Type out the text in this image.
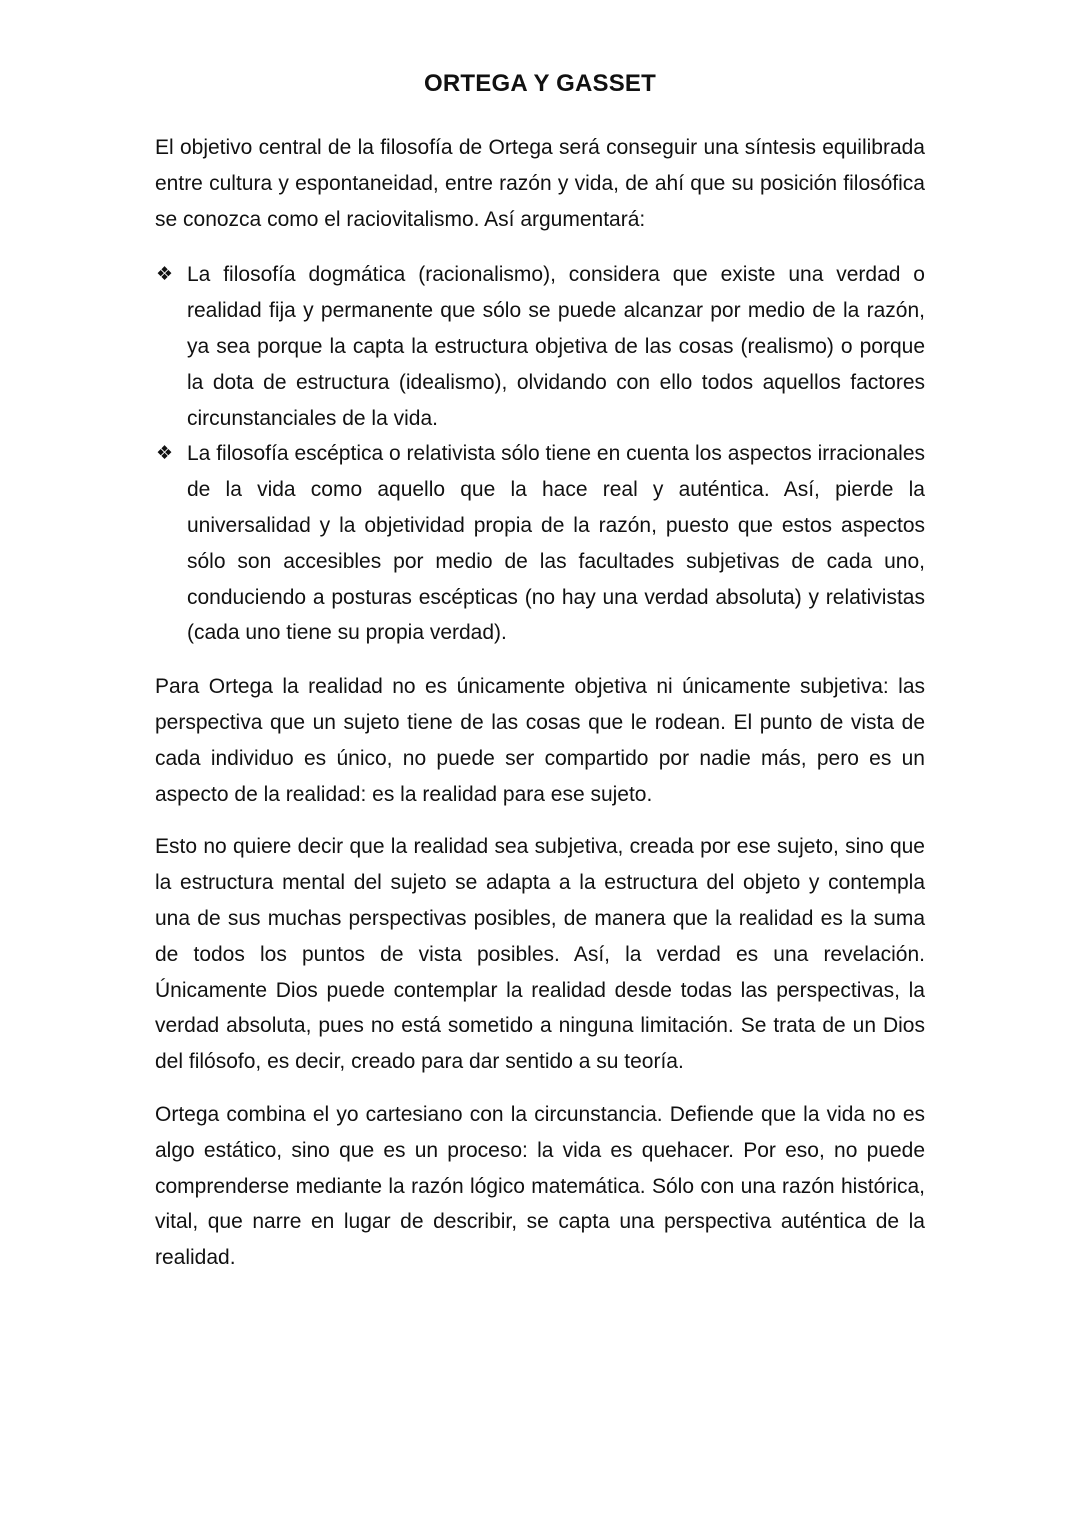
ORTEGA Y GASSET

El objetivo central de la filosofía de Ortega será conseguir una síntesis equilibrada entre cultura y espontaneidad, entre razón y vida, de ahí que su posición filosófica se conozca como el raciovitalismo. Así argumentará:

❖ La filosofía dogmática (racionalismo), considera que existe una verdad o realidad fija y permanente que sólo se puede alcanzar por medio de la razón, ya sea porque la capta la estructura objetiva de las cosas (realismo) o porque la dota de estructura (idealismo), olvidando con ello todos aquellos factores circunstanciales de la vida.
❖ La filosofía escéptica o relativista sólo tiene en cuenta los aspectos irracionales de la vida como aquello que la hace real y auténtica. Así, pierde la universalidad y la objetividad propia de la razón, puesto que estos aspectos sólo son accesibles por medio de las facultades subjetivas de cada uno, conduciendo a posturas escépticas (no hay una verdad absoluta) y relativistas (cada uno tiene su propia verdad).

Para Ortega la realidad no es únicamente objetiva ni únicamente subjetiva: las perspectiva que un sujeto tiene de las cosas que le rodean. El punto de vista de cada individuo es único, no puede ser compartido por nadie más, pero es un aspecto de la realidad: es la realidad para ese sujeto.

Esto no quiere decir que la realidad sea subjetiva, creada por ese sujeto, sino que la estructura mental del sujeto se adapta a la estructura del objeto y contempla una de sus muchas perspectivas posibles, de manera que la realidad es la suma de todos los puntos de vista posibles. Así, la verdad es una revelación. Únicamente Dios puede contemplar la realidad desde todas las perspectivas, la verdad absoluta, pues no está sometido a ninguna limitación. Se trata de un Dios del filósofo, es decir, creado para dar sentido a su teoría.

Ortega combina el yo cartesiano con la circunstancia. Defiende que la vida no es algo estático, sino que es un proceso: la vida es quehacer. Por eso, no puede comprenderse mediante la razón lógico matemática. Sólo con una razón histórica, vital, que narre en lugar de describir, se capta una perspectiva auténtica de la realidad.
